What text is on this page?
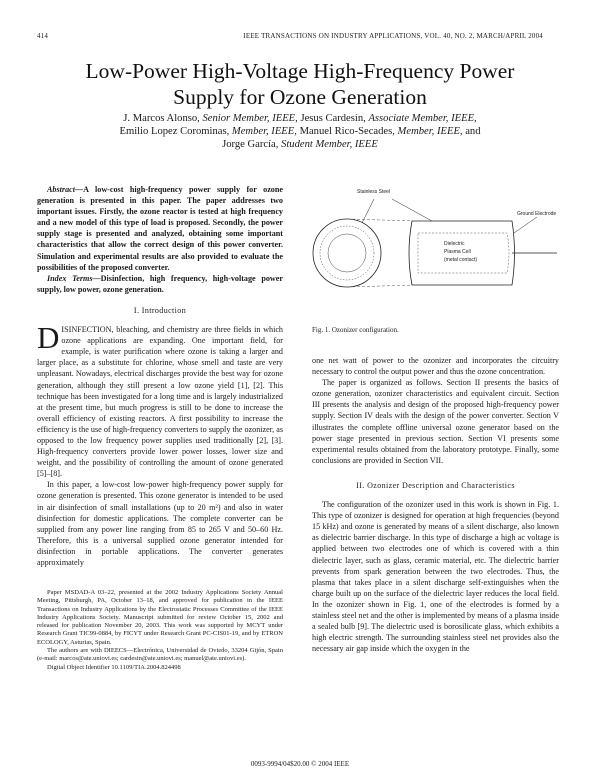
414	IEEE TRANSACTIONS ON INDUSTRY APPLICATIONS, VOL. 40, NO. 2, MARCH/APRIL 2004
Low-Power High-Voltage High-Frequency Power
Supply for Ozone Generation
J. Marcos Alonso, Senior Member, IEEE, Jesus Cardesín, Associate Member, IEEE,
Emilio Lopez Corominas, Member, IEEE, Manuel Rico-Secades, Member, IEEE, and
Jorge García, Student Member, IEEE

Abstract—A low-cost high-frequency power supply for ozone generation is presented in this paper. The paper addresses two important issues. Firstly, the ozone reactor is tested at high frequency and a new model of this type of load is proposed. Secondly, the power supply stage is presented and analyzed, obtaining some important characteristics that allow the correct design of this power converter. Simulation and experimental results are also provided to evaluate the possibilities of the proposed converter.

Index Terms—Disinfection, high frequency, high-voltage power supply, low power, ozone generation.

I. Introduction

DISINFECTION, bleaching, and chemistry are three fields in which ozone applications are expanding. One important field, for example, is water purification where ozone is taking a larger and larger place, as a substitute for chlorine, whose smell and taste are very unpleasant. Nowadays, electrical discharges provide the best way for ozone generation, although they still present a low ozone yield [1], [2]. This technique has been investigated for a long time and is largely industrialized at the present time, but much progress is still to be done to increase the overall efficiency of existing reactors. A first possibility to increase the efficiency is the use of high-frequency converters to supply the ozonizer, as opposed to the low frequency power supplies used traditionally [2], [3]. High-frequency converters provide lower power losses, lower size and weight, and the possibility of controlling the amount of ozone generated [5]–[8].

In this paper, a low-cost low-power high-frequency power supply for ozone generation is presented. This ozone generator is intended to be used in air disinfection of small installations (up to 20 m²) and also in water disinfection for domestic applications. The complete converter can be supplied from any power line ranging from 85 to 265 V and 50–60 Hz. Therefore, this is a universal supplied ozone generator intended for disinfection in portable applications. The converter generates approximately

Paper MSDAD-A 03–22, presented at the 2002 Industry Applications Society Annual Meeting, Pittsburgh, PA, October 13–18, and approved for publication in the IEEE Transactions on Industry Applications by the Electrostatic Processes Committee of the IEEE Industry Applications Society. Manuscript submitted for review October 15, 2002 and released for publication November 20, 2003. This work was supported by MCYT under Research Grant TIC99-0884, by FICYT under Research Grant PC-CIS01-19, and by ETRON ECOLOGY, Asturias, Spain.

The authors are with DIEECS—Electrónica, Universidad de Oviedo, 33204 Gijón, Spain (e-mail: marcos@ate.uniovi.es; cardesin@ate.uniovi.es; manuel@ate.uniovi.es).

Digital Object Identifier 10.1109/TIA.2004.824498

Stainless Steel
Ground Electrode
Dielectric
Plasma Cell
(metal contact)
Fig. 1. Ozonizer configuration.

one net watt of power to the ozonizer and incorporates the circuitry necessary to control the output power and thus the ozone concentration.

The paper is organized as follows. Section II presents the basics of ozone generation, ozonizer characteristics and equivalent circuit. Section III presents the analysis and design of the proposed high-frequency power supply. Section IV deals with the design of the power converter. Section V illustrates the complete offline universal ozone generator based on the power stage presented in previous section. Section VI presents some experimental results obtained from the laboratory prototype. Finally, some conclusions are provided in Section VII.

II. Ozonizer Description and Characteristics

The configuration of the ozonizer used in this work is shown in Fig. 1. This type of ozonizer is designed for operation at high frequencies (beyond 15 kHz) and ozone is generated by means of a silent discharge, also known as dielectric barrier discharge. In this type of discharge a high ac voltage is applied between two electrodes one of which is covered with a thin dielectric layer, such as glass, ceramic material, etc. The dielectric barrier prevents from spark generation between the two electrodes. Thus, the plasma that takes place in a silent discharge self-extinguishes when the charge built up on the surface of the dielectric layer reduces the local field. In the ozonizer shown in Fig. 1, one of the electrodes is formed by a stainless steel net and the other is implemented by means of a plasma inside a sealed bulb [9]. The dielectric used is borosilicate glass, which exhibits a high electric strength. The surrounding stainless steel net provides also the necessary air gap inside which the oxygen in the

0093-9994/04$20.00 © 2004 IEEE
